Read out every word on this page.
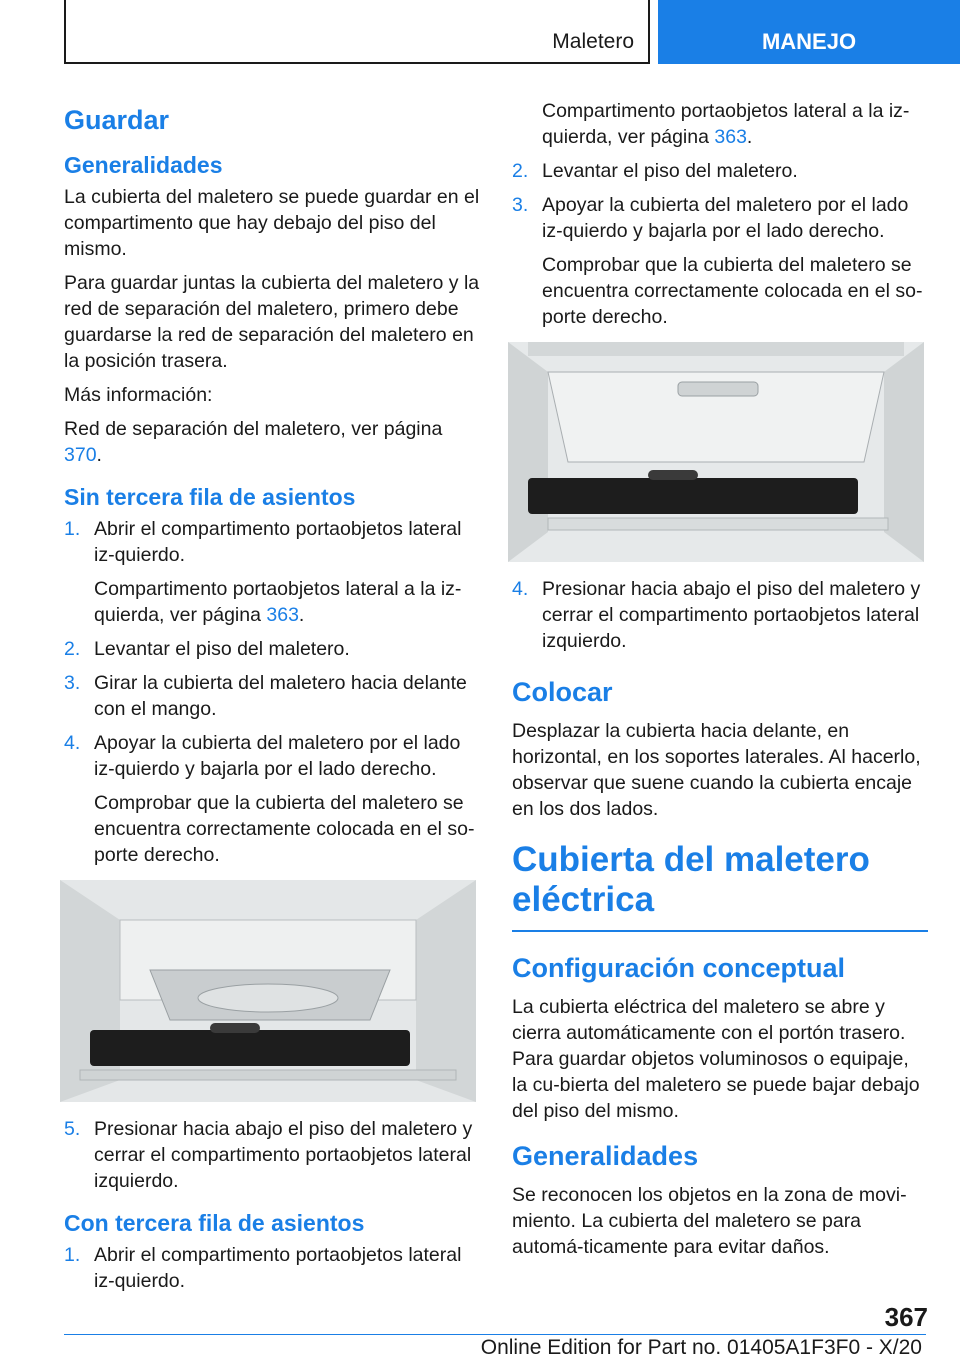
Maletero	MANEJO
Guardar
Generalidades

La cubierta del maletero se puede guardar en el compartimento que hay debajo del piso del mismo.

Para guardar juntas la cubierta del maletero y la red de separación del maletero, primero debe guardarse la red de separación del maletero en la posición trasera.

Más información:

Red de separación del maletero, ver página 370.

Sin tercera fila de asientos
1. Abrir el compartimento portaobjetos lateral iz‐quierdo.

Compartimento portaobjetos lateral a la iz‐quierda, ver página 363.

2. Levantar el piso del maletero.
3. Girar la cubierta del maletero hacia delante con el mango.
4. Apoyar la cubierta del maletero por el lado iz‐quierdo y bajarla por el lado derecho.

Comprobar que la cubierta del maletero se encuentra correctamente colocada en el so‐porte derecho.

5. Presionar hacia abajo el piso del maletero y cerrar el compartimento portaobjetos lateral izquierdo.
Con tercera fila de asientos
1. Abrir el compartimento portaobjetos lateral iz‐quierdo.

Compartimento portaobjetos lateral a la iz‐quierda, ver página 363.

2. Levantar el piso del maletero.
3. Apoyar la cubierta del maletero por el lado iz‐quierdo y bajarla por el lado derecho.

Comprobar que la cubierta del maletero se encuentra correctamente colocada en el so‐porte derecho.

4. Presionar hacia abajo el piso del maletero y cerrar el compartimento portaobjetos lateral izquierdo.
Colocar

Desplazar la cubierta hacia delante, en horizontal, en los soportes laterales. Al hacerlo, observar que suene cuando la cubierta encaje en los dos lados.

Cubierta del maletero eléctrica
Configuración conceptual

La cubierta eléctrica del maletero se abre y cierra automáticamente con el portón trasero. Para guardar objetos voluminosos o equipaje, la cu‐bierta del maletero se puede bajar debajo del piso del mismo.

Generalidades

Se reconocen los objetos en la zona de movi‐miento. La cubierta del maletero se para automá‐ticamente para evitar daños.

367
Online Edition for Part no. 01405A1F3F0 - X/20
